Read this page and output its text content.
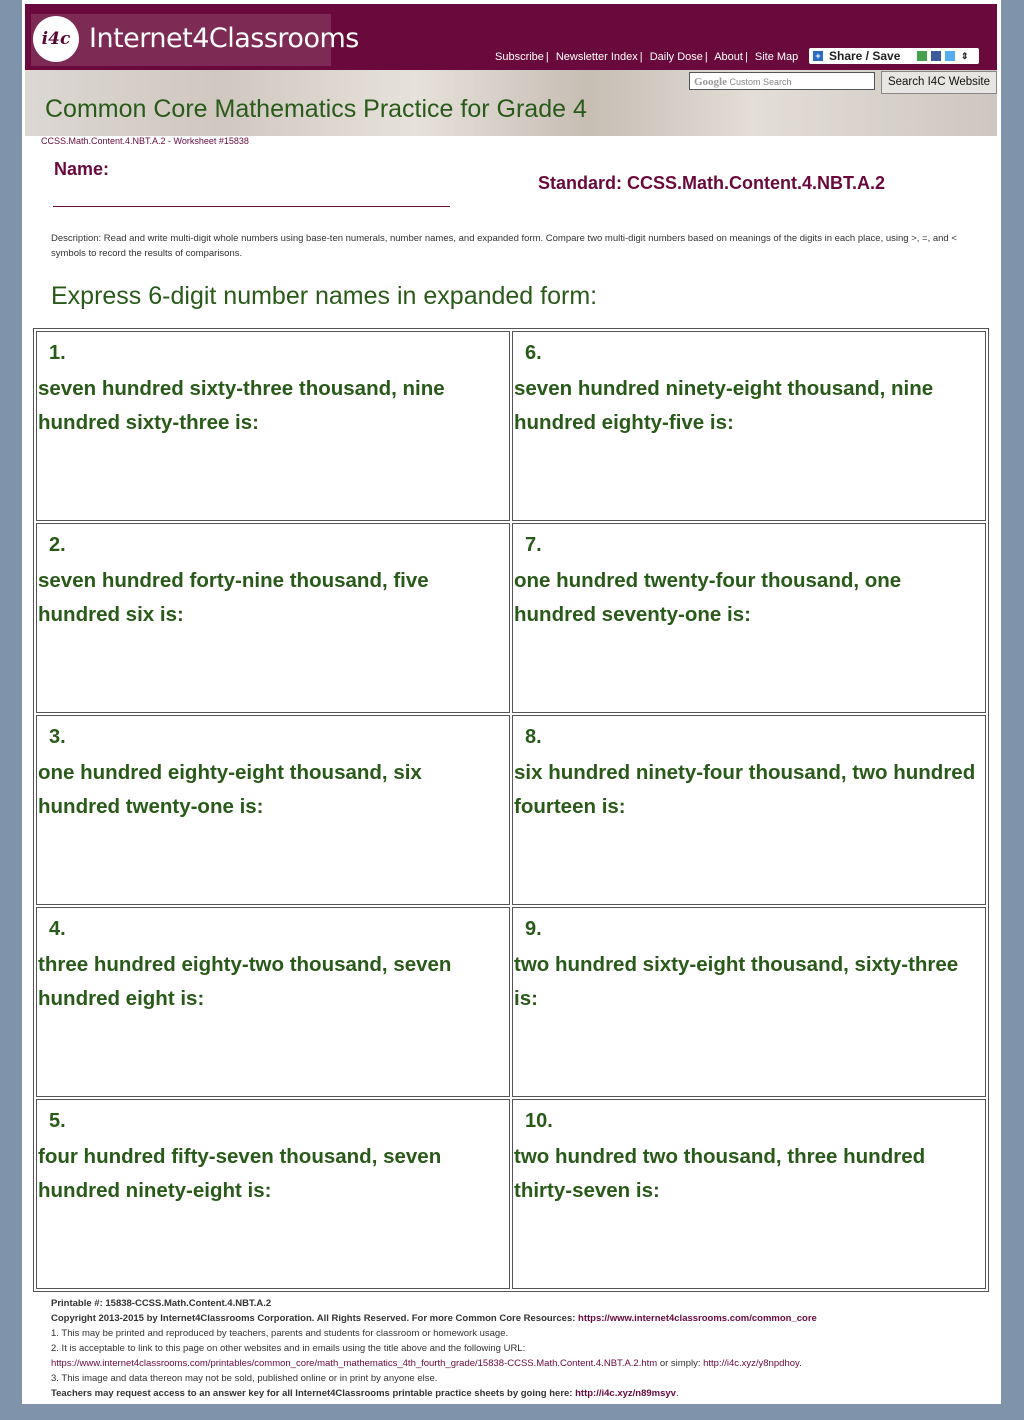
i4c Internet4Classrooms
Subscribe | Newsletter Index | Daily Dose | About | Site Map + Share / Save	⇕
Google Custom Search	Search I4C Website
Common Core Mathematics Practice for Grade 4
CCSS.Math.Content.4.NBT.A.2 - Worksheet #15838
Name:
Standard: CCSS.Math.Content.4.NBT.A.2
Description: Read and write multi-digit whole numbers using base-ten numerals, number names, and expanded form. Compare two multi-digit numbers based on meanings of the digits in each place, using >, =, and < symbols to record the results of comparisons.
Express 6-digit number names in expanded form:
1.
seven hundred sixty-three thousand, nine hundred sixty-three is:
2.
seven hundred forty-nine thousand, five hundred six is:
3.
one hundred eighty-eight thousand, six hundred twenty-one is:
4.
three hundred eighty-two thousand, seven hundred eight is:
5.
four hundred fifty-seven thousand, seven hundred ninety-eight is:
6.
seven hundred ninety-eight thousand, nine hundred eighty-five is:
7.
one hundred twenty-four thousand, one hundred seventy-one is:
8.
six hundred ninety-four thousand, two hundred fourteen is:
9.
two hundred sixty-eight thousand, sixty-three is:
10.
two hundred two thousand, three hundred thirty-seven is:
Printable #: 15838-CCSS.Math.Content.4.NBT.A.2
Copyright 2013-2015 by Internet4Classrooms Corporation. All Rights Reserved. For more Common Core Resources: https://www.internet4classrooms.com/common_core
1. This may be printed and reproduced by teachers, parents and students for classroom or homework usage.
2. It is acceptable to link to this page on other websites and in emails using the title above and the following URL:
https://www.internet4classrooms.com/printables/common_core/math_mathematics_4th_fourth_grade/15838-CCSS.Math.Content.4.NBT.A.2.htm or simply: http://i4c.xyz/y8npdhoy.
3. This image and data thereon may not be sold, published online or in print by anyone else.
Teachers may request access to an answer key for all Internet4Classrooms printable practice sheets by going here: http://i4c.xyz/n89msyv.
